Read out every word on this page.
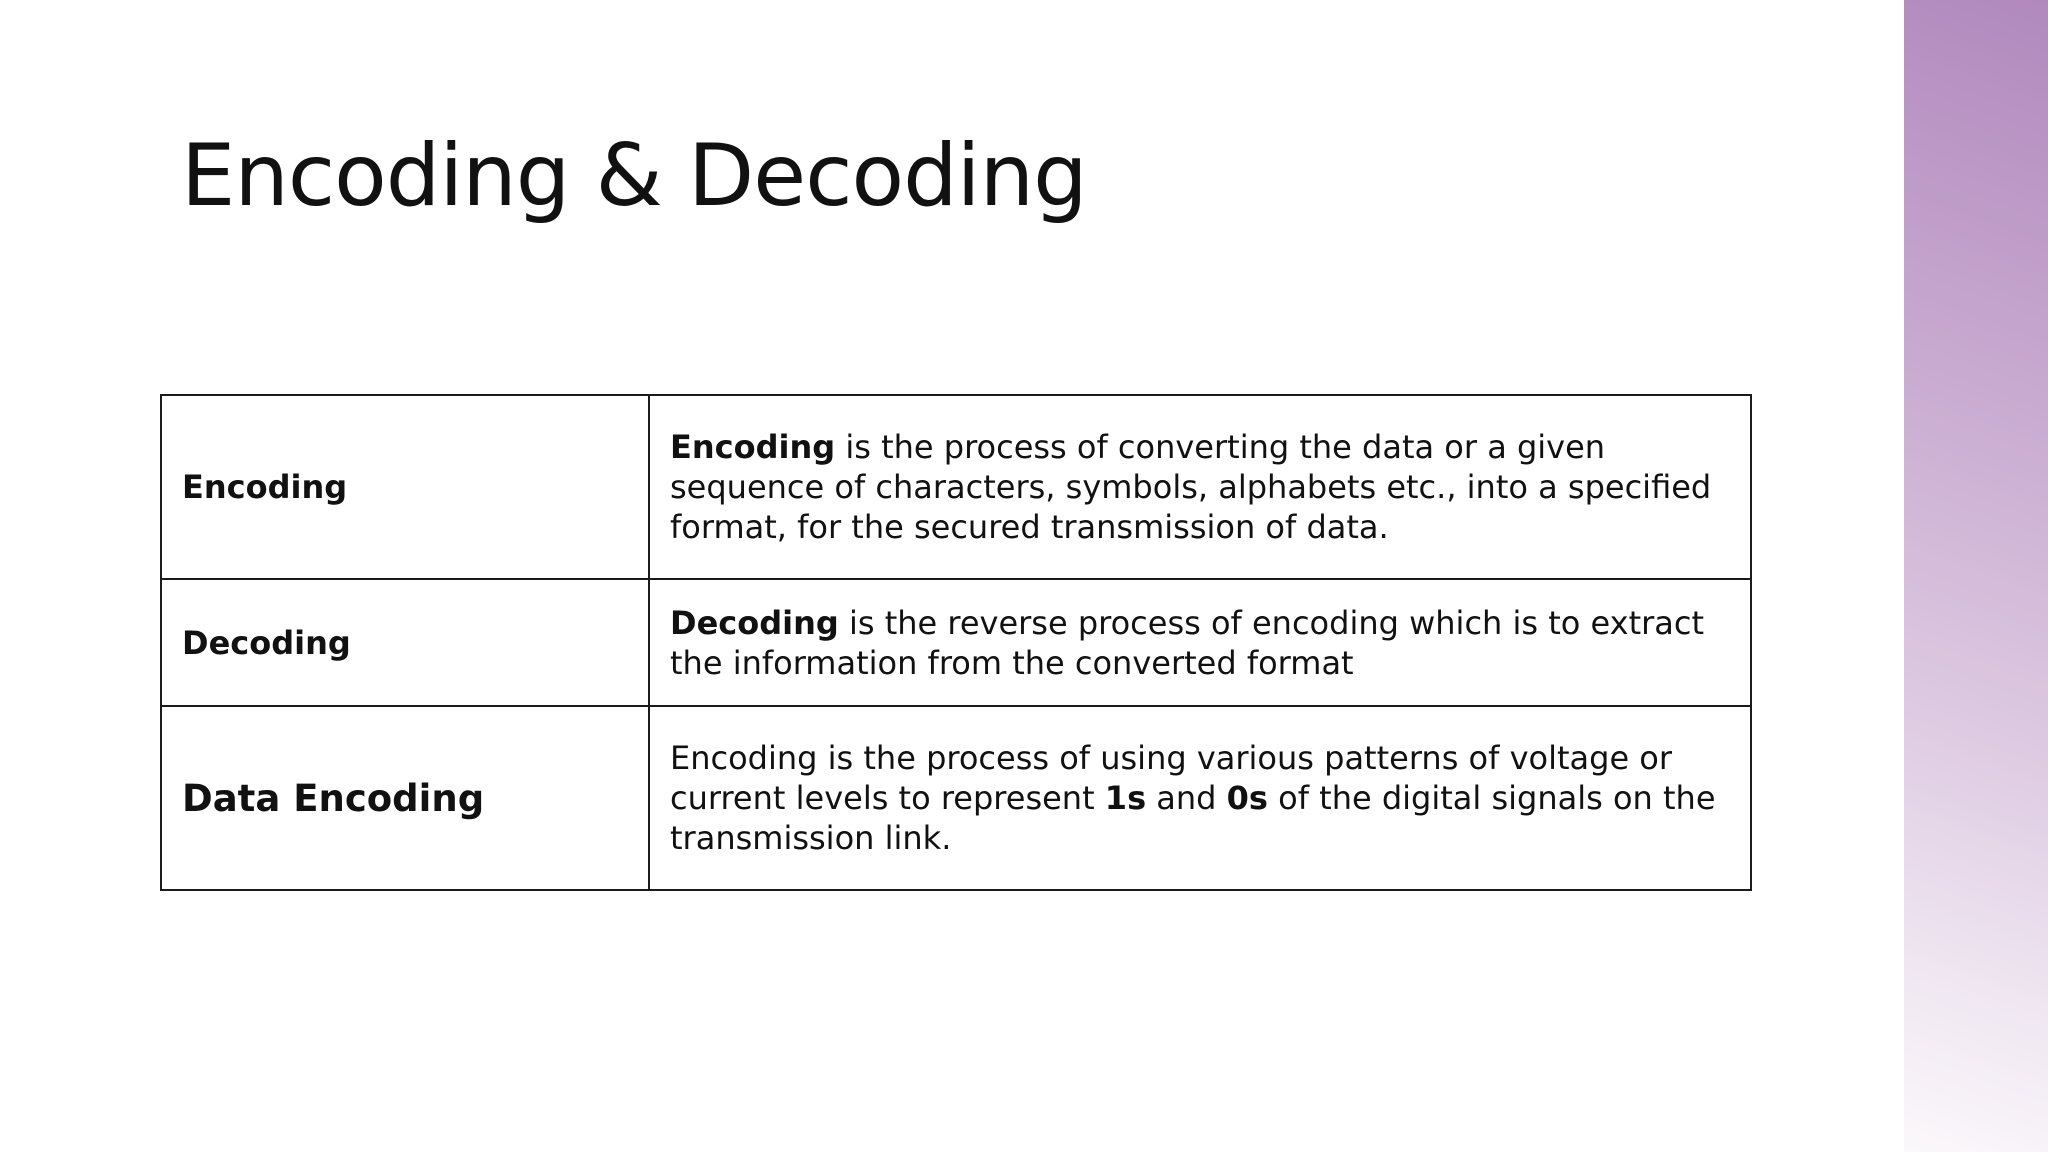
Encoding & Decoding
Encoding	Encoding is the process of converting the data or a given sequence of characters, symbols, alphabets etc., into a specified format, for the secured transmission of data.
Decoding	Decoding is the reverse process of encoding which is to extract the information from the converted format
Data Encoding	Encoding is the process of using various patterns of voltage or current levels to represent 1s and 0s of the digital signals on the transmission link.
